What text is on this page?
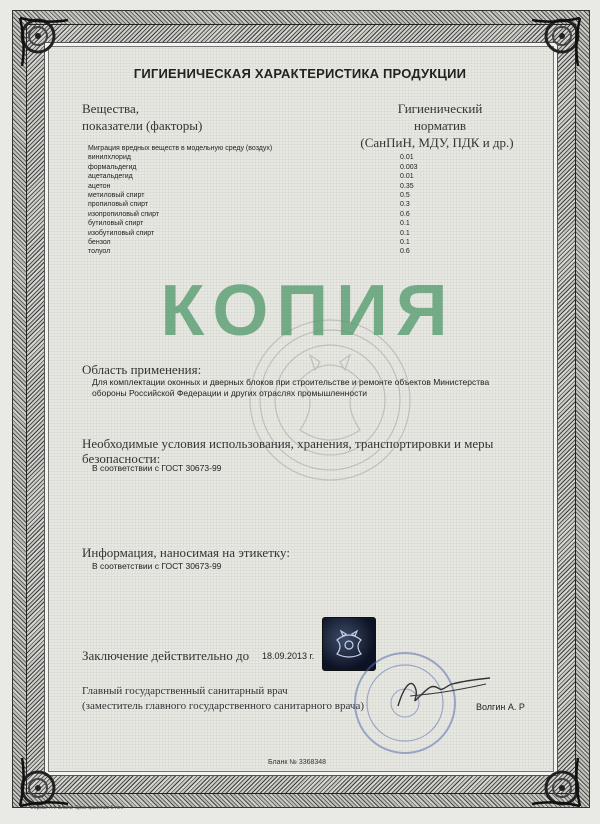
ГИГИЕНИЧЕСКАЯ ХАРАКТЕРИСТИКА ПРОДУКЦИИ
Вещества,
показатели (факторы)
Гигиенический
норматив

(СанПиН, МДУ, ПДК и др.)
Миграция вредных веществ в модельную среду (воздух)
винилхлорид	0.01
формальдегид	0.003
ацетальдегид	0.01
ацетон	0.35
метиловый спирт	0.5
пропиловый спирт	0.3
изопропиловый спирт	0.6
бутиловый спирт	0.1
изобутиловый спирт	0.1
бензол	0.1
толуол	0.6
КОПИЯ
Область применения:
Для комплектации оконных и дверных блоков при строительстве и ремонте объектов Министерства обороны Российской Федерации и других отраслях промышленности
Необходимые условия использования, хранения, транспортировки и меры безопасности:
В соответствии с ГОСТ 30673-99
Информация, наносимая на этикетку:
В соответствии с ГОСТ 30673-99
Заключение действительно до 18.09.2013 г.
Главный государственный санитарный врач
(заместитель главного государственного санитарного врача)	Волгин А. Р
Бланк № 3368348
Формат А4. Бланк. Срок хранения 5 лет.
